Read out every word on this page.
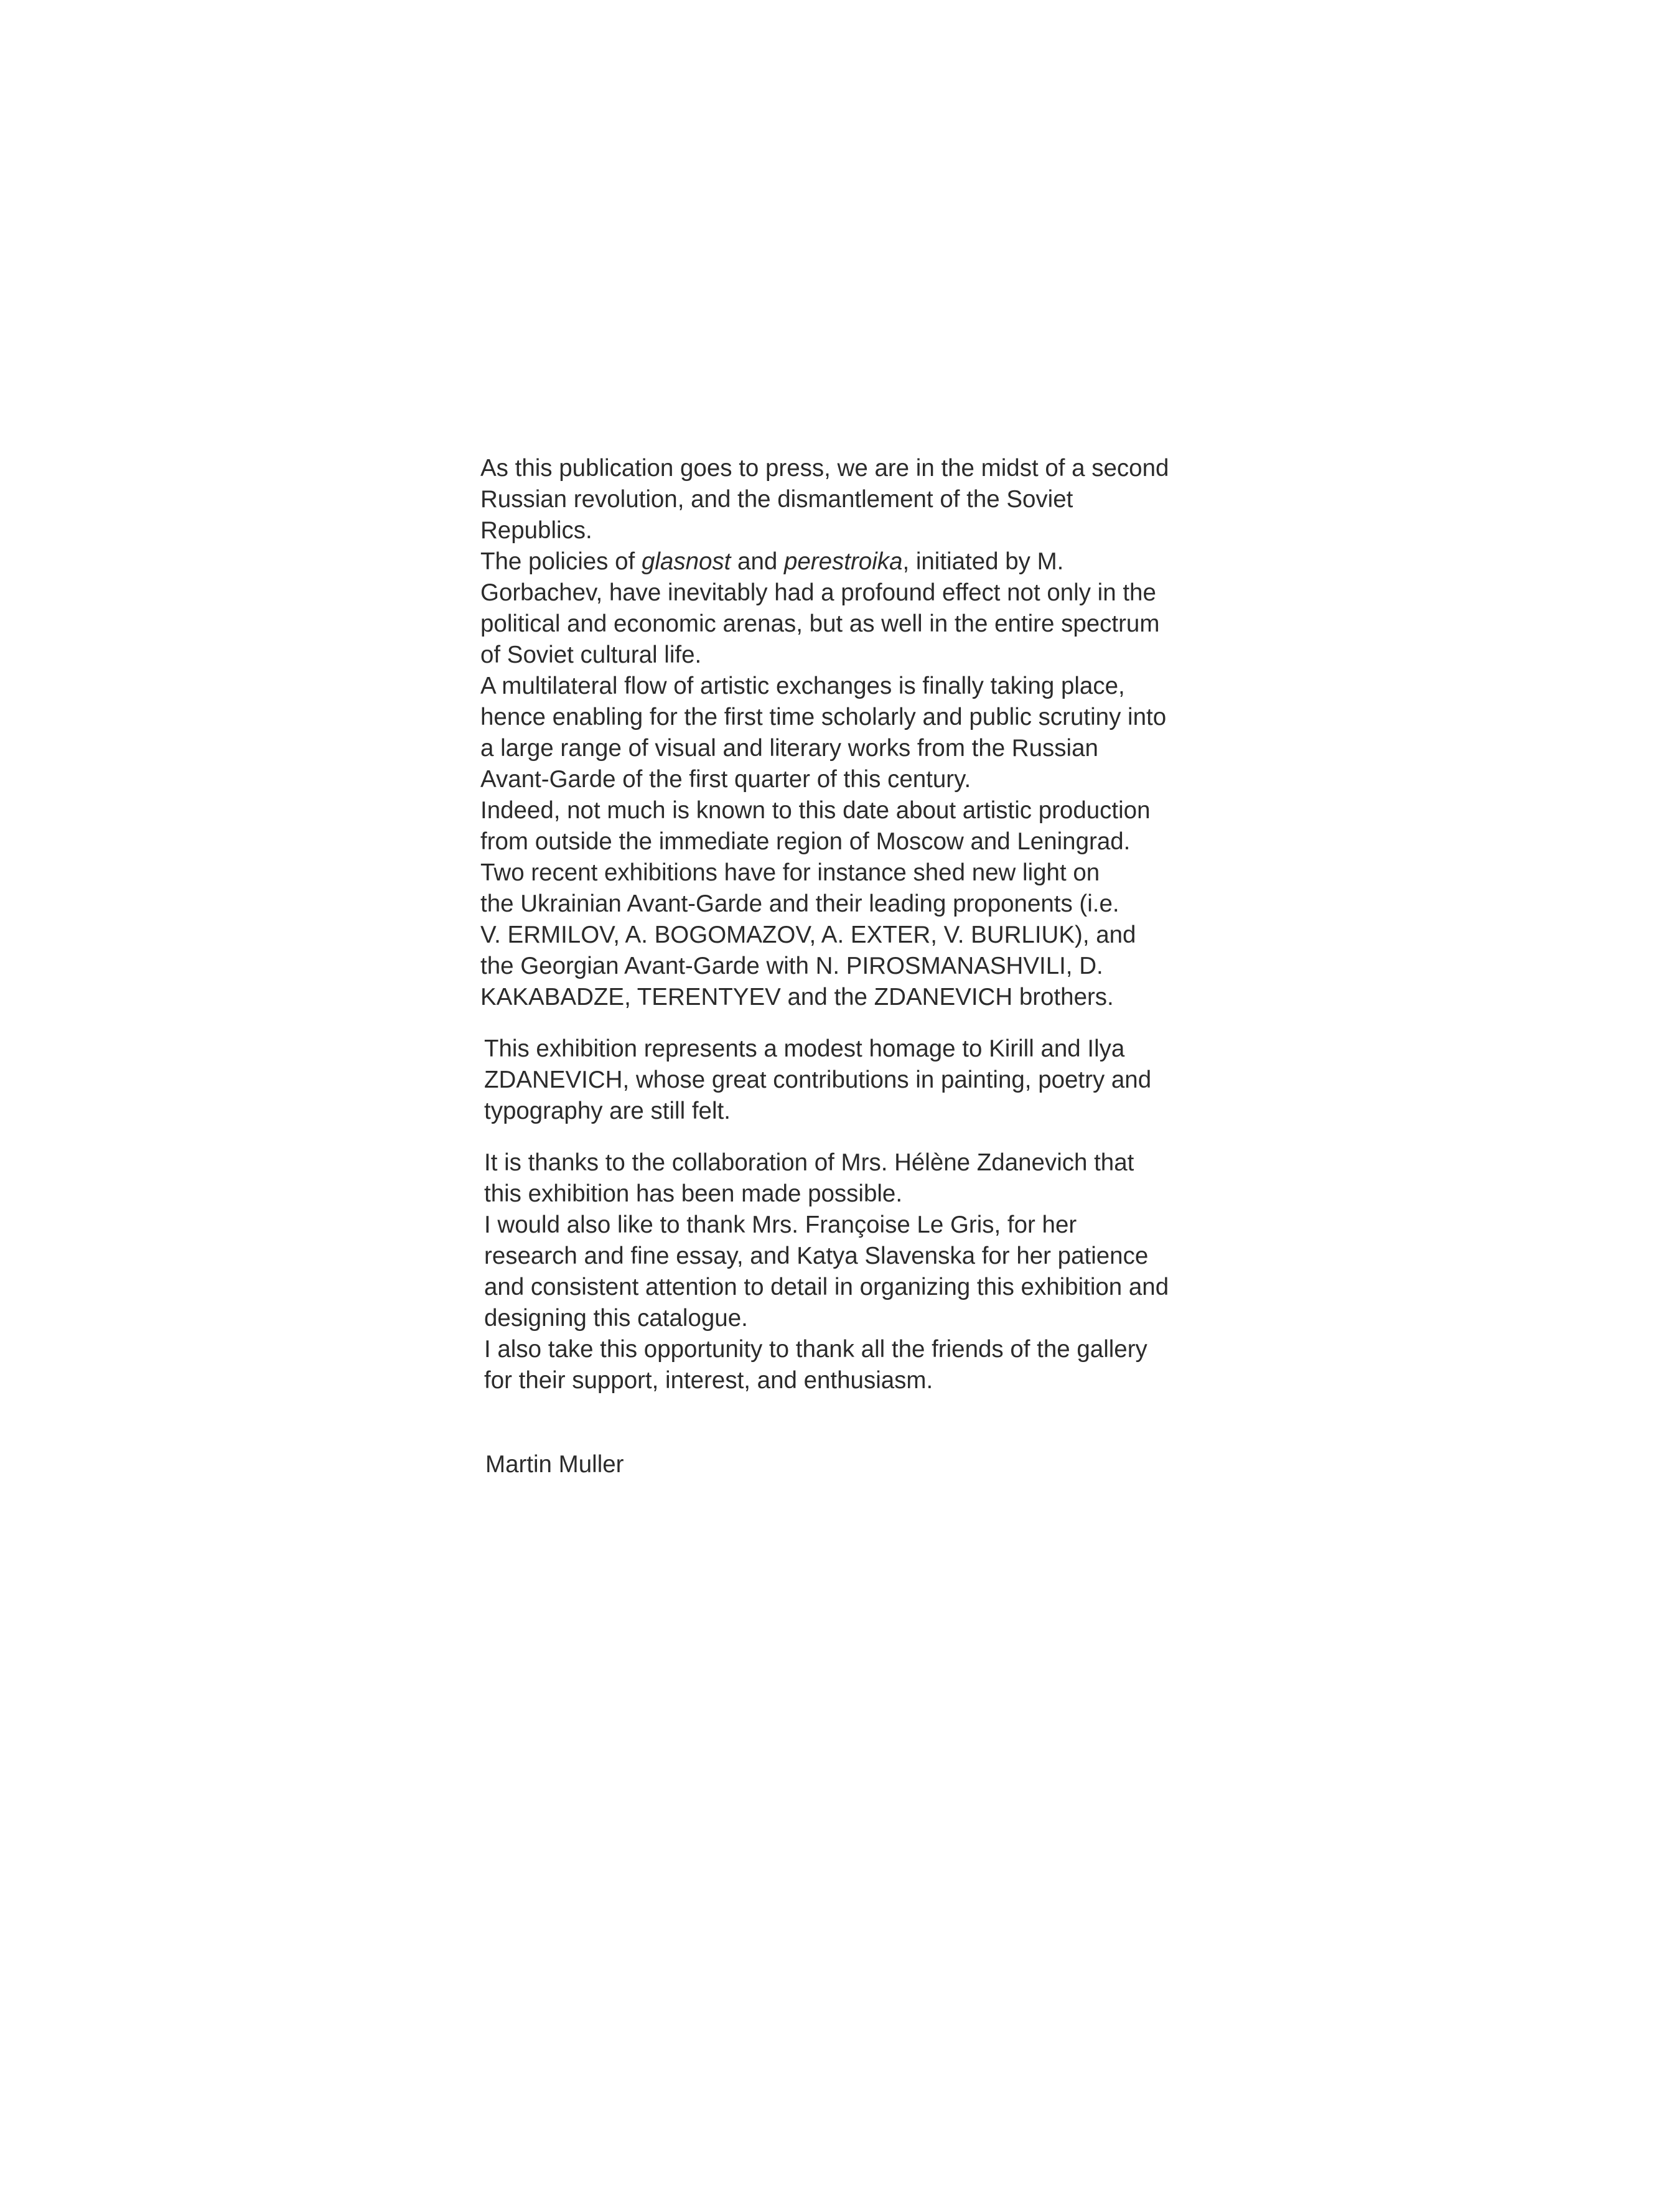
As this publication goes to press, we are in the midst of a second
Russian revolution, and the dismantlement of the Soviet
Republics.
The policies of glasnost and perestroika, initiated by M.
Gorbachev, have inevitably had a profound effect not only in the
political and economic arenas, but as well in the entire spectrum
of Soviet cultural life.
A multilateral flow of artistic exchanges is finally taking place,
hence enabling for the first time scholarly and public scrutiny into
a large range of visual and literary works from the Russian
Avant-Garde of the first quarter of this century.
Indeed, not much is known to this date about artistic production
from outside the immediate region of Moscow and Leningrad.
Two recent exhibitions have for instance shed new light on
the Ukrainian Avant-Garde and their leading proponents (i.e.
V. ERMILOV, A. BOGOMAZOV, A. EXTER, V. BURLIUK), and
the Georgian Avant-Garde with N. PIROSMANASHVILI, D.
KAKABADZE, TERENTYEV and the ZDANEVICH brothers.
This exhibition represents a modest homage to Kirill and Ilya
ZDANEVICH, whose great contributions in painting, poetry and
typography are still felt.
It is thanks to the collaboration of Mrs. Hélène Zdanevich that
this exhibition has been made possible.
I would also like to thank Mrs. Françoise Le Gris, for her
research and fine essay, and Katya Slavenska for her patience
and consistent attention to detail in organizing this exhibition and
designing this catalogue.
I also take this opportunity to thank all the friends of the gallery
for their support, interest, and enthusiasm.
Martin Muller
